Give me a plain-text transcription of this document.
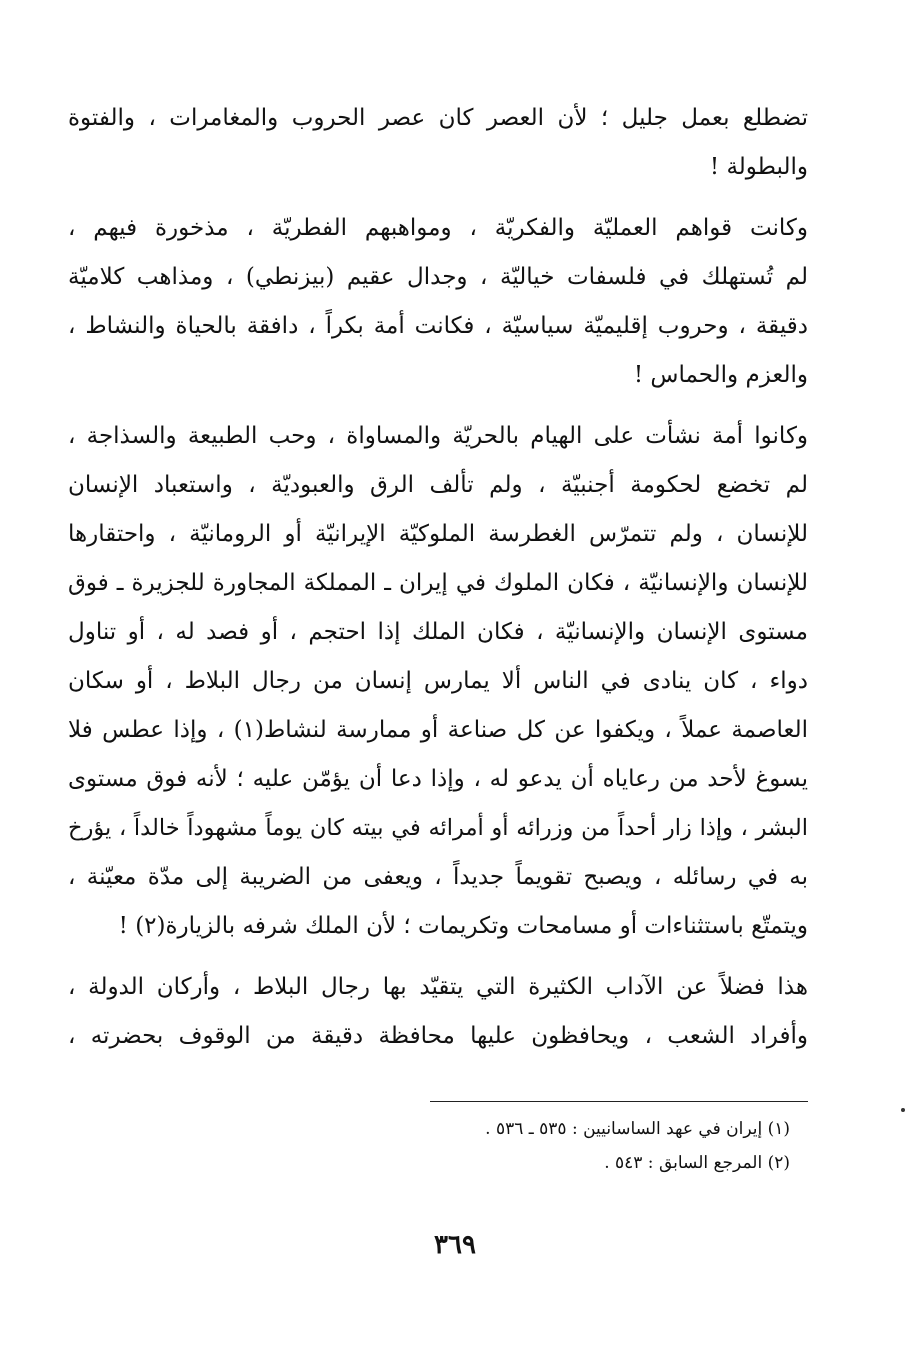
تضطلع بعمل جليل ؛ لأن العصر كان عصر الحروب والمغامرات ، والفتوة
والبطولة !
وكانت قواهم العمليّة والفكريّة ، ومواهبهم الفطريّة ، مذخورة فيهم ،
لم تُستهلك في فلسفات خياليّة ، وجدال عقيم (بيزنطي) ، ومذاهب كلاميّة
دقيقة ، وحروب إقليميّة سياسيّة ، فكانت أمة بكراً ، دافقة بالحياة والنشاط ،
والعزم والحماس !
وكانوا أمة نشأت على الهيام بالحريّة والمساواة ، وحب الطبيعة والسذاجة ،
لم تخضع لحكومة أجنبيّة ، ولم تألف الرق والعبوديّة ، واستعباد الإنسان
للإنسان ، ولم تتمرّس الغطرسة الملوكيّة الإيرانيّة أو الرومانيّة ، واحتقارها
للإنسان والإنسانيّة ، فكان الملوك في إيران ـ المملكة المجاورة للجزيرة ـ فوق
مستوى الإنسان والإنسانيّة ، فكان الملك إذا احتجم ، أو فصد له ، أو تناول
دواء ، كان ينادى في الناس ألا يمارس إنسان من رجال البلاط ، أو سكان
العاصمة عملاً ، ويكفوا عن كل صناعة أو ممارسة لنشاط(١) ، وإذا عطس فلا
يسوغ لأحد من رعاياه أن يدعو له ، وإذا دعا أن يؤمّن عليه ؛ لأنه فوق مستوى
البشر ، وإذا زار أحداً من وزرائه أو أمرائه في بيته كان يوماً مشهوداً خالداً ، يؤرخ
به في رسائله ، ويصبح تقويماً جديداً ، ويعفى من الضريبة إلى مدّة معيّنة ،
ويتمتّع باستثناءات أو مسامحات وتكريمات ؛ لأن الملك شرفه بالزيارة(٢) !
هذا فضلاً عن الآداب الكثيرة التي يتقيّد بها رجال البلاط ، وأركان الدولة ،
وأفراد الشعب ، ويحافظون عليها محافظة دقيقة من الوقوف بحضرته ،
(١) إيران في عهد الساسانيين : ٥٣٥ ـ ٥٣٦ .
(٢) المرجع السابق : ٥٤٣ .
٣٦٩
